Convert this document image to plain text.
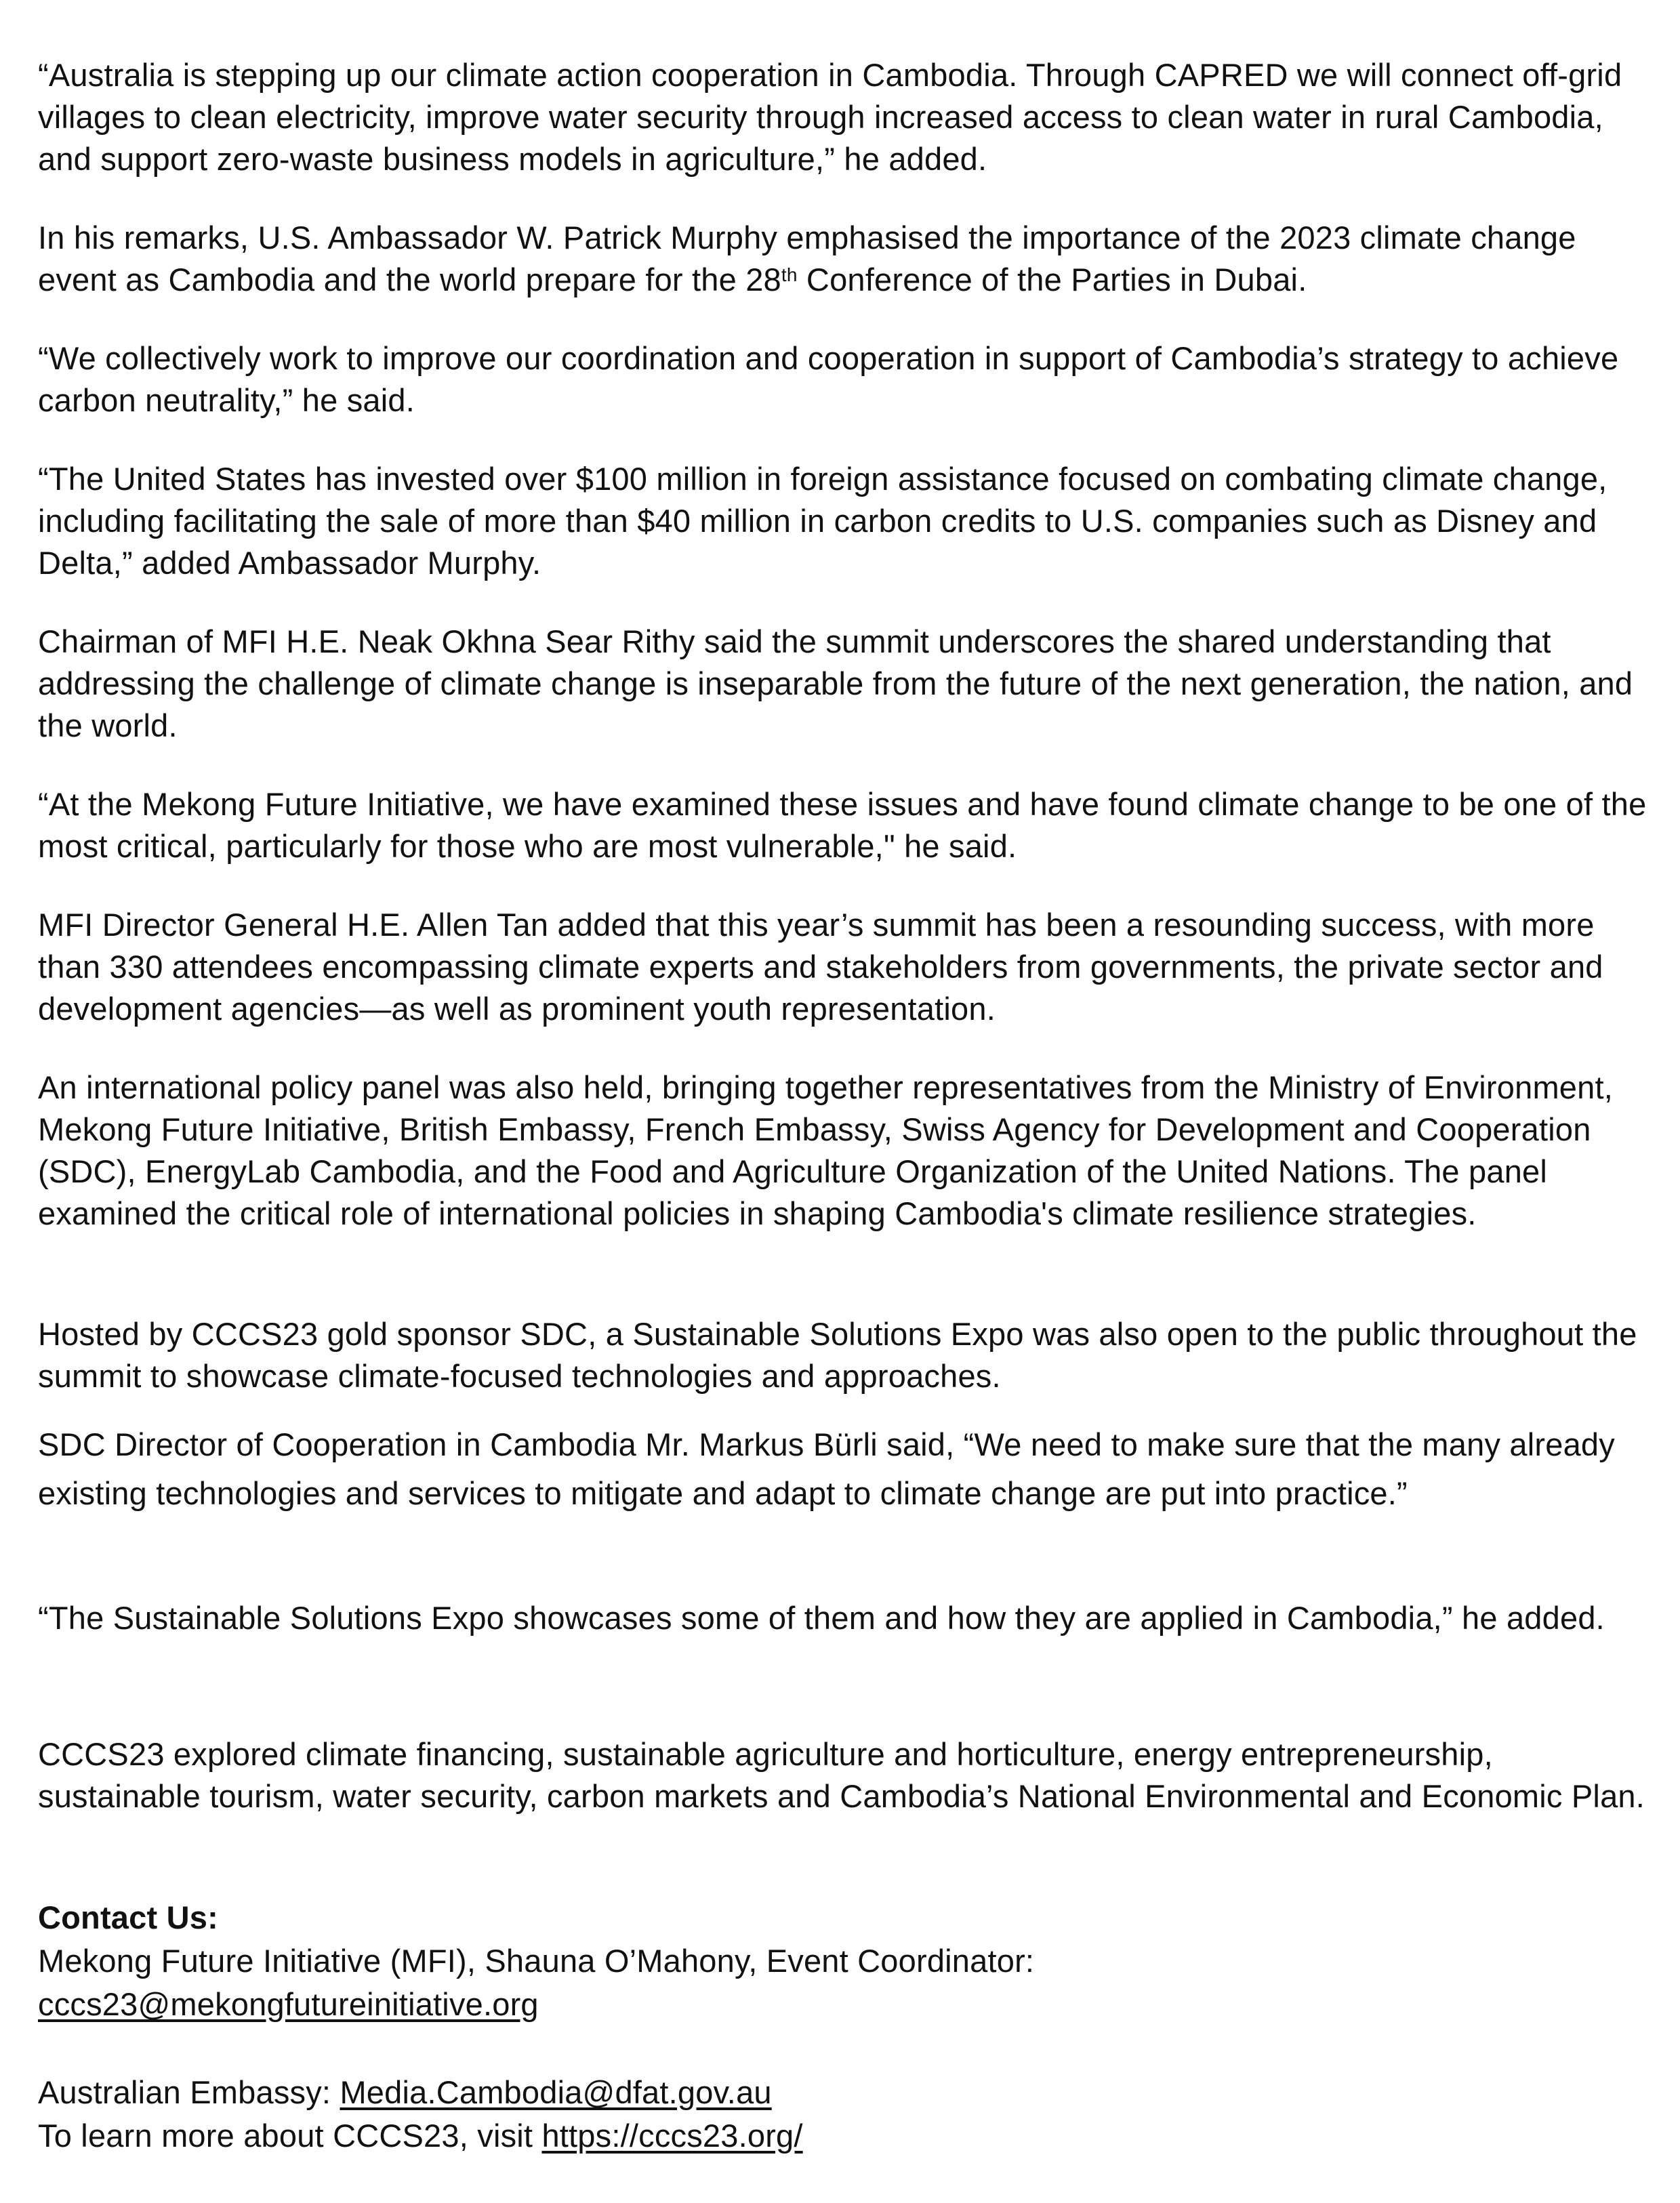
“Australia is stepping up our climate action cooperation in Cambodia. Through CAPRED we will connect off-grid villages to clean electricity, improve water security through increased access to clean water in rural Cambodia, and support zero-waste business models in agriculture,” he added.

In his remarks, U.S. Ambassador W. Patrick Murphy emphasised the importance of the 2023 climate change event as Cambodia and the world prepare for the 28th Conference of the Parties in Dubai.

“We collectively work to improve our coordination and cooperation in support of Cambodia’s strategy to achieve carbon neutrality,” he said.

“The United States has invested over $100 million in foreign assistance focused on combating climate change, including facilitating the sale of more than $40 million in carbon credits to U.S. companies such as Disney and Delta,” added Ambassador Murphy.

Chairman of MFI H.E. Neak Okhna Sear Rithy said the summit underscores the shared understanding that addressing the challenge of climate change is inseparable from the future of the next generation, the nation, and the world.

“At the Mekong Future Initiative, we have examined these issues and have found climate change to be one of the most critical, particularly for those who are most vulnerable," he said.

MFI Director General H.E. Allen Tan added that this year’s summit has been a resounding success, with more than 330 attendees encompassing climate experts and stakeholders from governments, the private sector and development agencies—as well as prominent youth representation.

An international policy panel was also held, bringing together representatives from the Ministry of Environment, Mekong Future Initiative, British Embassy, French Embassy, Swiss Agency for Development and Cooperation (SDC), EnergyLab Cambodia, and the Food and Agriculture Organization of the United Nations. The panel examined the critical role of international policies in shaping Cambodia's climate resilience strategies.

Hosted by CCCS23 gold sponsor SDC, a Sustainable Solutions Expo was also open to the public throughout the summit to showcase climate-focused technologies and approaches.

SDC Director of Cooperation in Cambodia Mr. Markus Bürli said, “We need to make sure that the many already existing technologies and services to mitigate and adapt to climate change are put into practice.”

“The Sustainable Solutions Expo showcases some of them and how they are applied in Cambodia,” he added.

CCCS23 explored climate financing, sustainable agriculture and horticulture, energy entrepreneurship, sustainable tourism, water security, carbon markets and Cambodia’s National Environmental and Economic Plan.

Contact Us:
Mekong Future Initiative (MFI), Shauna O’Mahony, Event Coordinator:
cccs23@mekongfutureinitiative.org
Australian Embassy: Media.Cambodia@dfat.gov.au
To learn more about CCCS23, visit https://cccs23.org/
